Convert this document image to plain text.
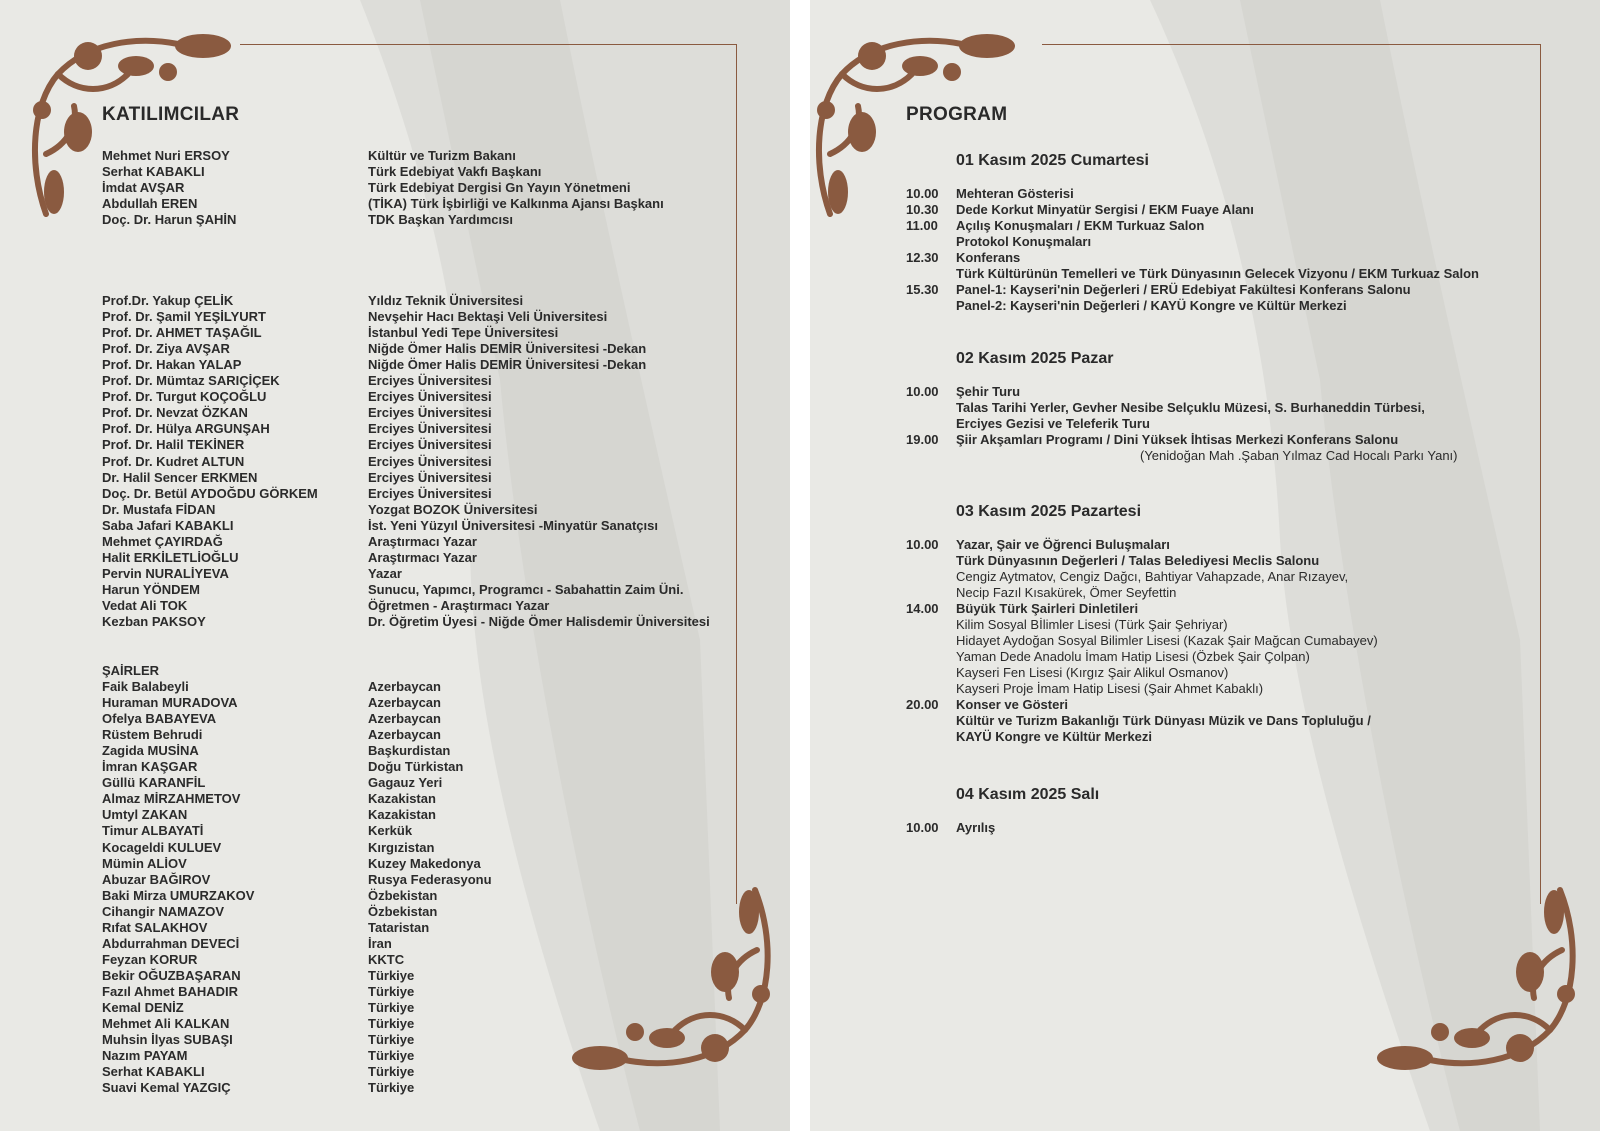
KATILIMCILAR
Mehmet Nuri ERSOY	Kültür ve Turizm Bakanı
Serhat KABAKLI	Türk Edebiyat Vakfı Başkanı
İmdat AVŞAR	Türk Edebiyat Dergisi Gn Yayın Yönetmeni
Abdullah EREN	(TİKA) Türk İşbirliği ve Kalkınma Ajansı Başkanı
Doç. Dr. Harun ŞAHİN	TDK Başkan Yardımcısı
Prof.Dr. Yakup ÇELİK	Yıldız Teknik Üniversitesi
Prof. Dr. Şamil YEŞİLYURT	Nevşehir Hacı Bektaşi Veli Üniversitesi
Prof. Dr. AHMET TAŞAĞIL	İstanbul Yedi Tepe Üniversitesi
Prof. Dr. Ziya AVŞAR	Niğde Ömer Halis DEMİR Üniversitesi -Dekan
Prof. Dr. Hakan YALAP	Niğde Ömer Halis DEMİR Üniversitesi -Dekan
Prof. Dr. Mümtaz SARIÇİÇEK	Erciyes Üniversitesi
Prof. Dr. Turgut KOÇOĞLU	Erciyes Üniversitesi
Prof. Dr. Nevzat ÖZKAN	Erciyes Üniversitesi
Prof. Dr. Hülya ARGUNŞAH	Erciyes Üniversitesi
Prof. Dr. Halil TEKİNER	Erciyes Üniversitesi
Prof. Dr. Kudret ALTUN	Erciyes Üniversitesi
Dr. Halil Sencer ERKMEN	Erciyes Üniversitesi
Doç. Dr. Betül AYDOĞDU GÖRKEM	Erciyes Üniversitesi
Dr. Mustafa FİDAN	Yozgat BOZOK Üniversitesi
Saba Jafari KABAKLI	İst. Yeni Yüzyıl Üniversitesi -Minyatür Sanatçısı
Mehmet ÇAYIRDAĞ	Araştırmacı Yazar
Halit ERKİLETLİOĞLU	Araştırmacı Yazar
Pervin NURALİYEVA	Yazar
Harun YÖNDEM	Sunucu, Yapımcı, Programcı - Sabahattin Zaim Üni.
Vedat Ali TOK	Öğretmen - Araştırmacı Yazar
Kezban PAKSOY	Dr. Öğretim Üyesi - Niğde Ömer Halisdemir Üniversitesi
ŞAİRLER
Faik Balabeyli	Azerbaycan
Huraman MURADOVA	Azerbaycan
Ofelya BABAYEVA	Azerbaycan
Rüstem Behrudi	Azerbaycan
Zagida MUSİNA	Başkurdistan
İmran KAŞGAR	Doğu Türkistan
Güllü KARANFİL	Gagauz Yeri
Almaz MİRZAHMETOV	Kazakistan
Umtyl ZAKAN	Kazakistan
Timur ALBAYATİ	Kerkük
Kocageldi KULUEV	Kırgızistan
Mümin ALİOV	Kuzey Makedonya
Abuzar BAĞIROV	Rusya Federasyonu
Baki Mirza UMURZAKOV	Özbekistan
Cihangir NAMAZOV	Özbekistan
Rıfat SALAKHOV	Tataristan
Abdurrahman DEVECİ	İran
Feyzan KORUR	KKTC
Bekir OĞUZBAŞARAN	Türkiye
Fazıl Ahmet BAHADIR	Türkiye
Kemal DENİZ	Türkiye
Mehmet Ali KALKAN	Türkiye
Muhsin İlyas SUBAŞI	Türkiye
Nazım PAYAM	Türkiye
Serhat KABAKLI	Türkiye
Suavi Kemal YAZGIÇ	Türkiye
PROGRAM
01 Kasım 2025 Cumartesi
10.00 Mehteran Gösterisi
10.30 Dede Korkut Minyatür Sergisi / EKM Fuaye Alanı
11.00 Açılış Konuşmaları / EKM Turkuaz Salon
Protokol Konuşmaları
12.30 Konferans
Türk Kültürünün Temelleri ve Türk Dünyasının Gelecek Vizyonu / EKM Turkuaz Salon
15.30 Panel-1: Kayseri'nin Değerleri / ERÜ Edebiyat Fakültesi Konferans Salonu
Panel-2: Kayseri'nin Değerleri / KAYÜ Kongre ve Kültür Merkezi
02 Kasım 2025 Pazar
10.00 Şehir Turu
Talas Tarihi Yerler, Gevher Nesibe Selçuklu Müzesi, S. Burhaneddin Türbesi,
Erciyes Gezisi ve Teleferik Turu
19.00 Şiir Akşamları Programı / Dini Yüksek İhtisas Merkezi Konferans Salonu
(Yenidoğan Mah .Şaban Yılmaz Cad Hocalı Parkı Yanı)
03 Kasım 2025 Pazartesi
10.00 Yazar, Şair ve Öğrenci Buluşmaları
Türk Dünyasının Değerleri / Talas Belediyesi Meclis Salonu
Cengiz Aytmatov, Cengiz Dağcı, Bahtiyar Vahapzade, Anar Rızayev,
Necip Fazıl Kısakürek, Ömer Seyfettin
14.00 Büyük Türk Şairleri Dinletileri
Kilim Sosyal Bİlimler Lisesi (Türk Şair Şehriyar)
Hidayet Aydoğan Sosyal Bilimler Lisesi (Kazak Şair Mağcan Cumabayev)
Yaman Dede Anadolu İmam Hatip Lisesi (Özbek Şair Çolpan)
Kayseri Fen Lisesi (Kırgız Şair Alikul Osmanov)
Kayseri Proje İmam Hatip Lisesi (Şair Ahmet Kabaklı)
20.00 Konser ve Gösteri
Kültür ve Turizm Bakanlığı Türk Dünyası Müzik ve Dans Topluluğu /
KAYÜ Kongre ve Kültür Merkezi
04 Kasım 2025 Salı
10.00 Ayrılış
